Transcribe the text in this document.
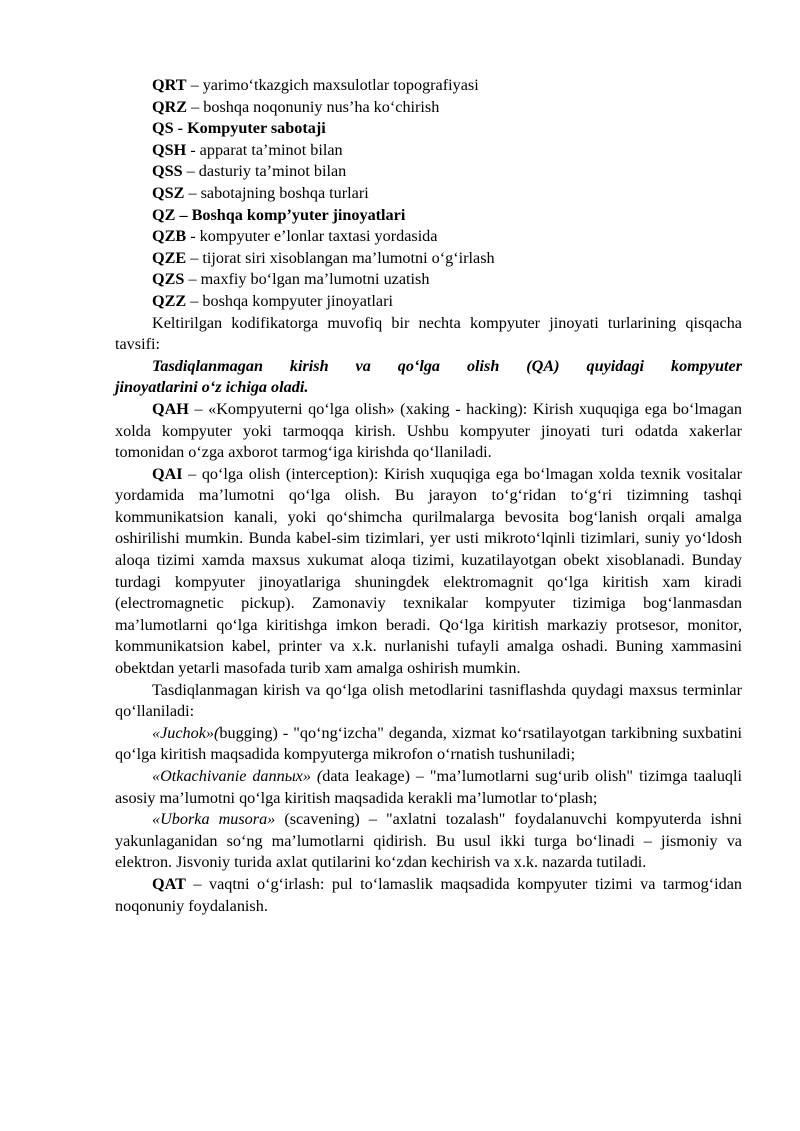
QRT – yarimo‘tkazgich maxsulotlar topografiyasi
QRZ – boshqa noqonuniy nus’ha ko‘chirish
QS - Kompyuter sabotaji
QSH - apparat ta’minot bilan
QSS – dasturiy ta’minot bilan
QSZ – sabotajning boshqa turlari
QZ – Boshqa komp’yuter jinoyatlari
QZB - kompyuter e’lonlar taxtasi yordasida
QZE – tijorat siri xisoblangan ma’lumotni o‘g‘irlash
QZS – maxfiy bo‘lgan ma’lumotni uzatish
QZZ – boshqa kompyuter jinoyatlari

Keltirilgan kodifikatorga muvofiq bir nechta kompyuter jinoyati turlarining qisqacha tavsifi:

Tasdiqlanmagan kirish va qo‘lga olish (QA) quyidagi kompyuter

jinoyatlarini o‘z ichiga oladi.

QAH – «Kompyuterni qo‘lga olish» (xaking - hacking): Kirish xuquqiga ega bo‘lmagan xolda kompyuter yoki tarmoqqa kirish. Ushbu kompyuter jinoyati turi odatda xakerlar tomonidan o‘zga axborot tarmog‘iga kirishda qo‘llaniladi.

QAI – qo‘lga olish (interception): Kirish xuquqiga ega bo‘lmagan xolda texnik vositalar yordamida ma’lumotni qo‘lga olish. Bu jarayon to‘g‘ridan to‘g‘ri tizimning tashqi kommunikatsion kanali, yoki qo‘shimcha qurilmalarga bevosita bog‘lanish orqali amalga oshirilishi mumkin. Bunda kabel-sim tizimlari, yer usti mikroto‘lqinli tizimlari, suniy yo‘ldosh aloqa tizimi xamda maxsus xukumat aloqa tizimi, kuzatilayotgan obekt xisoblanadi. Bunday turdagi kompyuter jinoyatlariga shuningdek elektromagnit qo‘lga kiritish xam kiradi (electromagnetic pickup). Zamonaviy texnikalar kompyuter tizimiga bog‘lanmasdan ma’lumotlarni qo‘lga kiritishga imkon beradi. Qo‘lga kiritish markaziy protsesor, monitor, kommunikatsion kabel, printer va x.k. nurlanishi tufayli amalga oshadi. Buning xammasini obektdan yetarli masofada turib xam amalga oshirish mumkin.

Tasdiqlanmagan kirish va qo‘lga olish metodlarini tasniflashda quydagi maxsus terminlar qo‘llaniladi:

«Juchok»(bugging) - "qo‘ng‘izcha" deganda, xizmat ko‘rsatilayotgan tarkibning suxbatini qo‘lga kiritish maqsadida kompyuterga mikrofon o‘rnatish tushuniladi;

«Otkachivanie dannых» (data leakage) – "ma’lumotlarni sug‘urib olish" tizimga taaluqli asosiy ma’lumotni qo‘lga kiritish maqsadida kerakli ma’lumotlar to‘plash;

«Uborka musora» (scavening) – "axlatni tozalash" foydalanuvchi kompyuterda ishni yakunlaganidan so‘ng ma’lumotlarni qidirish. Bu usul ikki turga bo‘linadi – jismoniy va elektron. Jisvoniy turida axlat qutilarini ko‘zdan kechirish va x.k. nazarda tutiladi.

QAT – vaqtni o‘g‘irlash: pul to‘lamaslik maqsadida kompyuter tizimi va tarmog‘idan noqonuniy foydalanish.
